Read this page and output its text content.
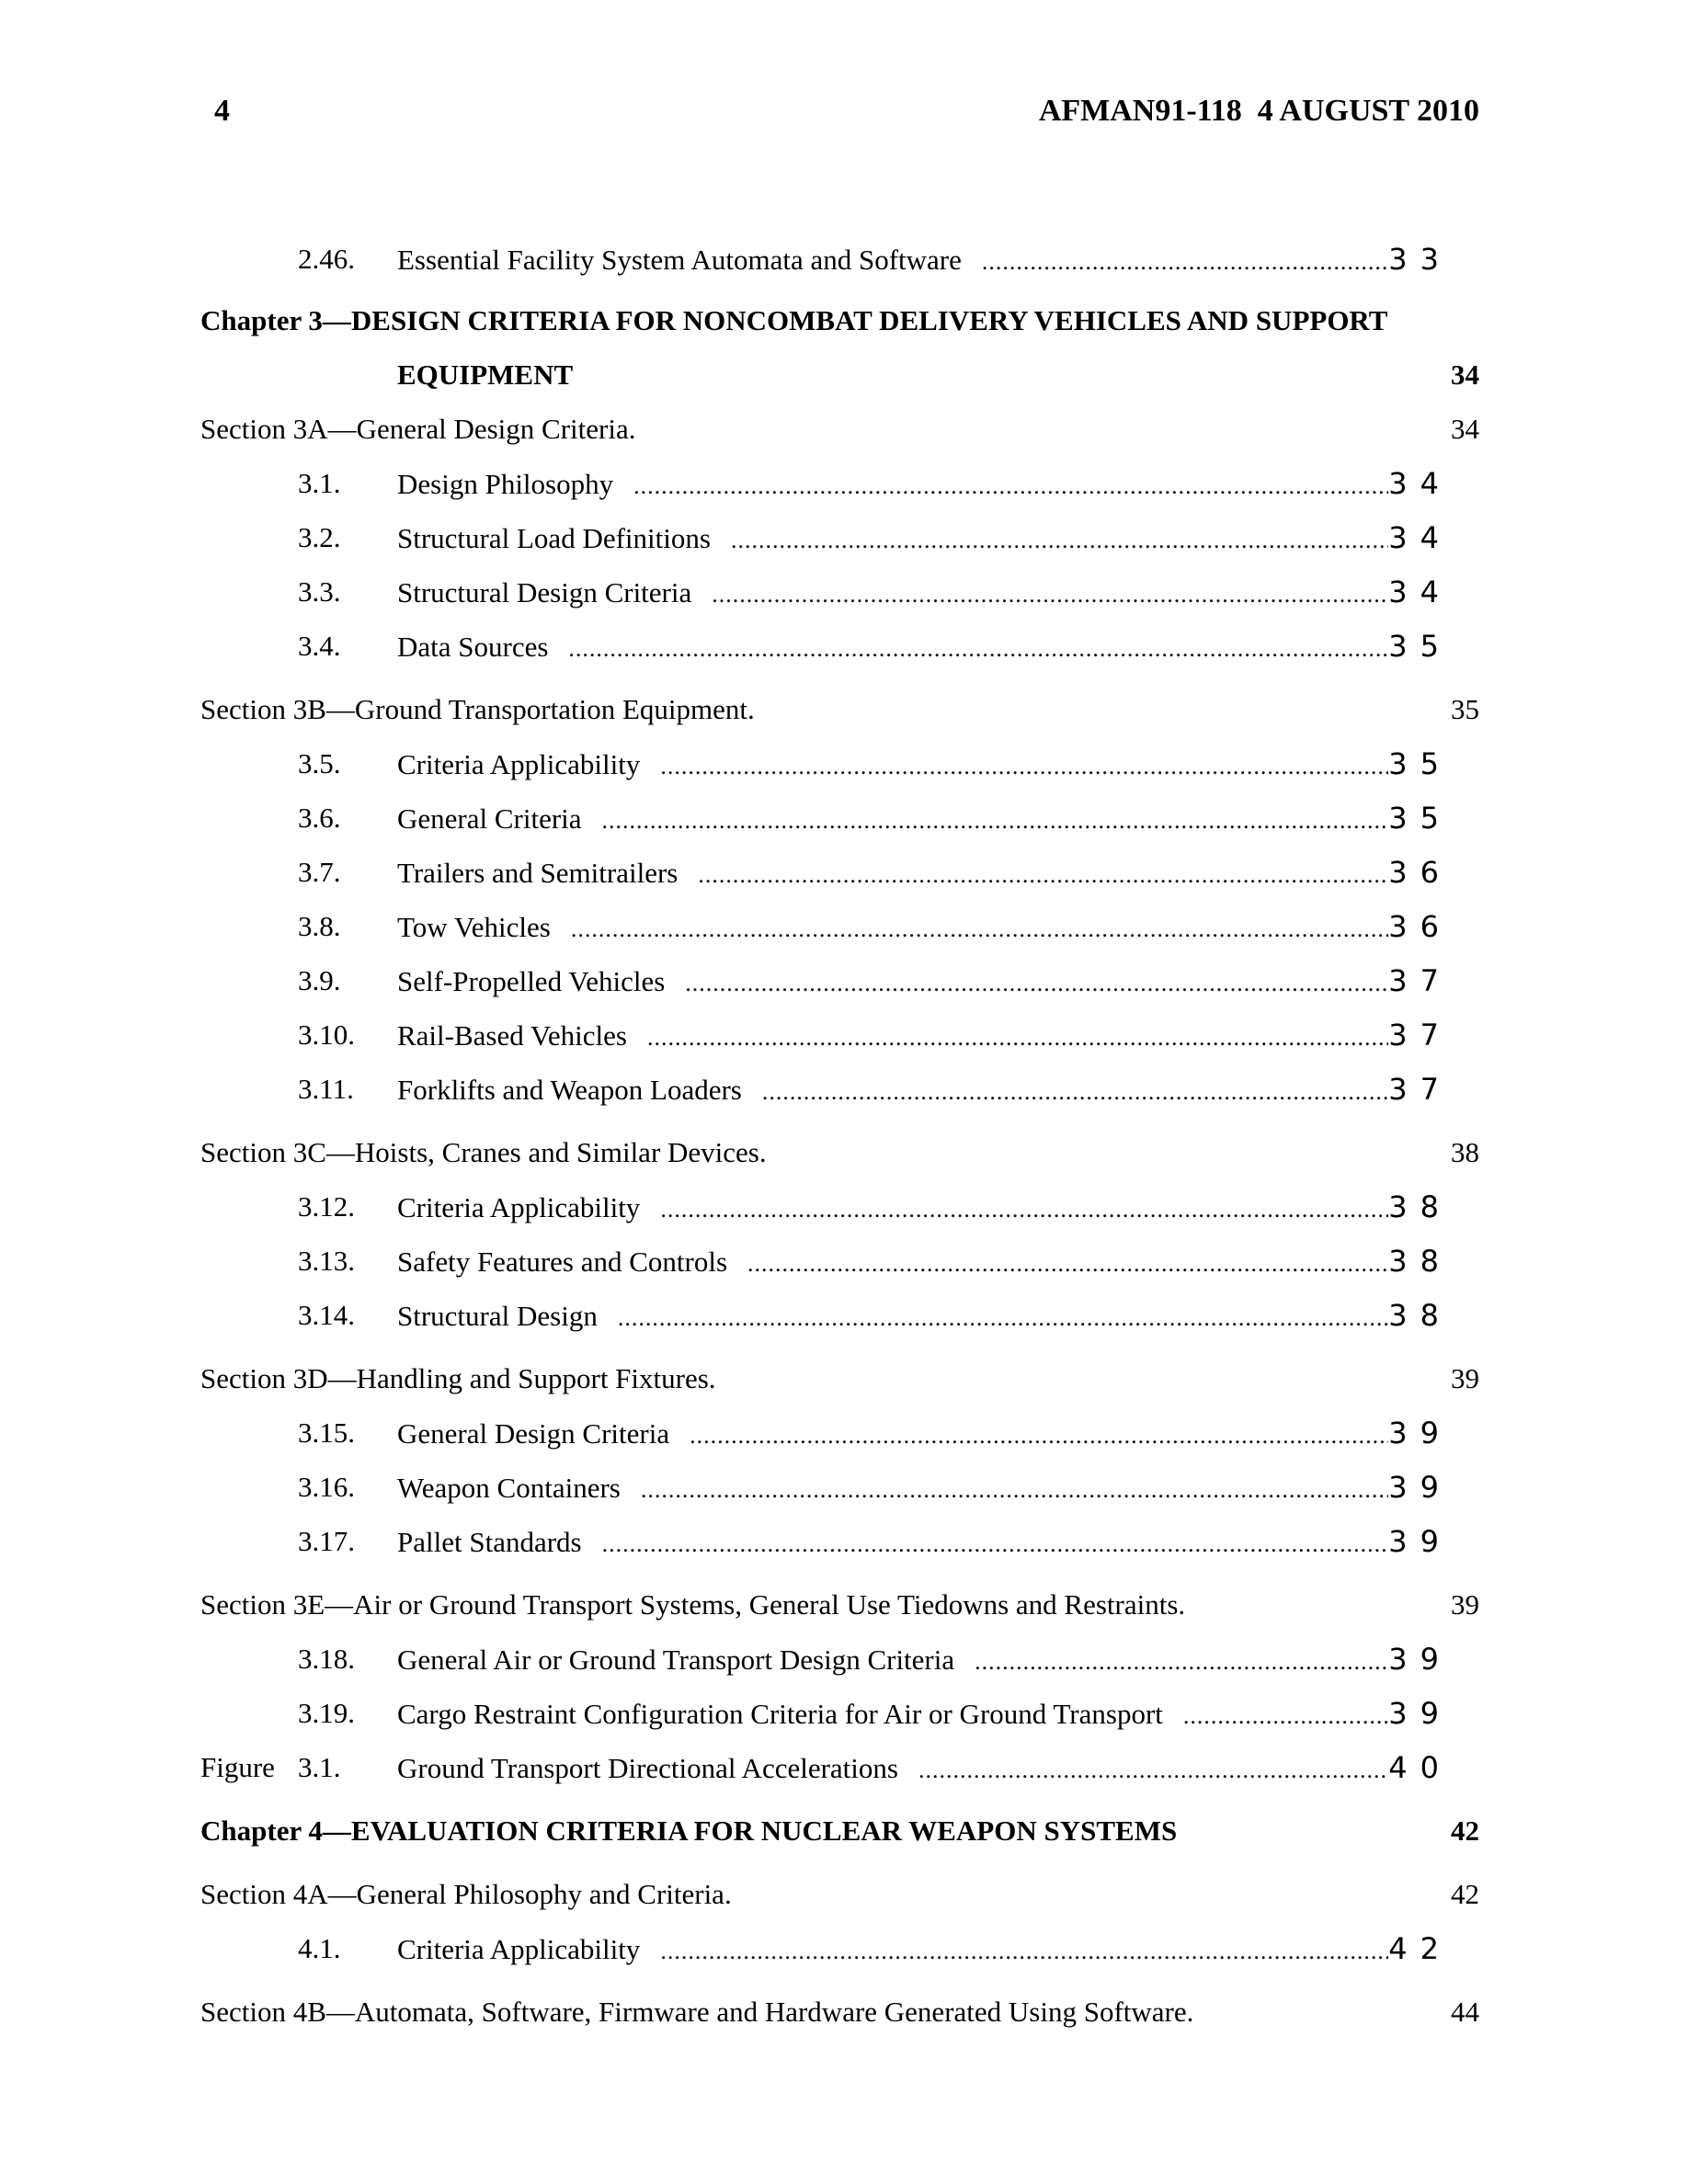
4	AFMAN91-118  4 AUGUST 2010
2.46. Essential Facility System Automata and Software .....	33
Chapter 3—DESIGN CRITERIA FOR NONCOMBAT DELIVERY VEHICLES AND SUPPORT
EQUIPMENT	34
Section 3A—General Design Criteria.	34
3.1. Design Philosophy .....	34
3.2. Structural Load Definitions .....	34
3.3. Structural Design Criteria .....	34
3.4. Data Sources .....	35
Section 3B—Ground Transportation Equipment.	35
3.5. Criteria Applicability .....	35
3.6. General Criteria .....	35
3.7. Trailers and Semitrailers .....	36
3.8. Tow Vehicles .....	36
3.9. Self-Propelled Vehicles .....	37
3.10. Rail-Based Vehicles .....	37
3.11. Forklifts and Weapon Loaders .....	37
Section 3C—Hoists, Cranes and Similar Devices.	38
3.12. Criteria Applicability .....	38
3.13. Safety Features and Controls .....	38
3.14. Structural Design .....	38
Section 3D—Handling and Support Fixtures.	39
3.15. General Design Criteria .....	39
3.16. Weapon Containers .....	39
3.17. Pallet Standards .....	39
Section 3E—Air or Ground Transport Systems, General Use Tiedowns and Restraints.	39
3.18. General Air or Ground Transport Design Criteria .....	39
3.19. Cargo Restraint Configuration Criteria for Air or Ground Transport .....	39
Figure 3.1. Ground Transport Directional Accelerations .....	40
Chapter 4—EVALUATION CRITERIA FOR NUCLEAR WEAPON SYSTEMS	42
Section 4A—General Philosophy and Criteria.	42
4.1. Criteria Applicability .....	42
Section 4B—Automata, Software, Firmware and Hardware Generated Using Software.	44
